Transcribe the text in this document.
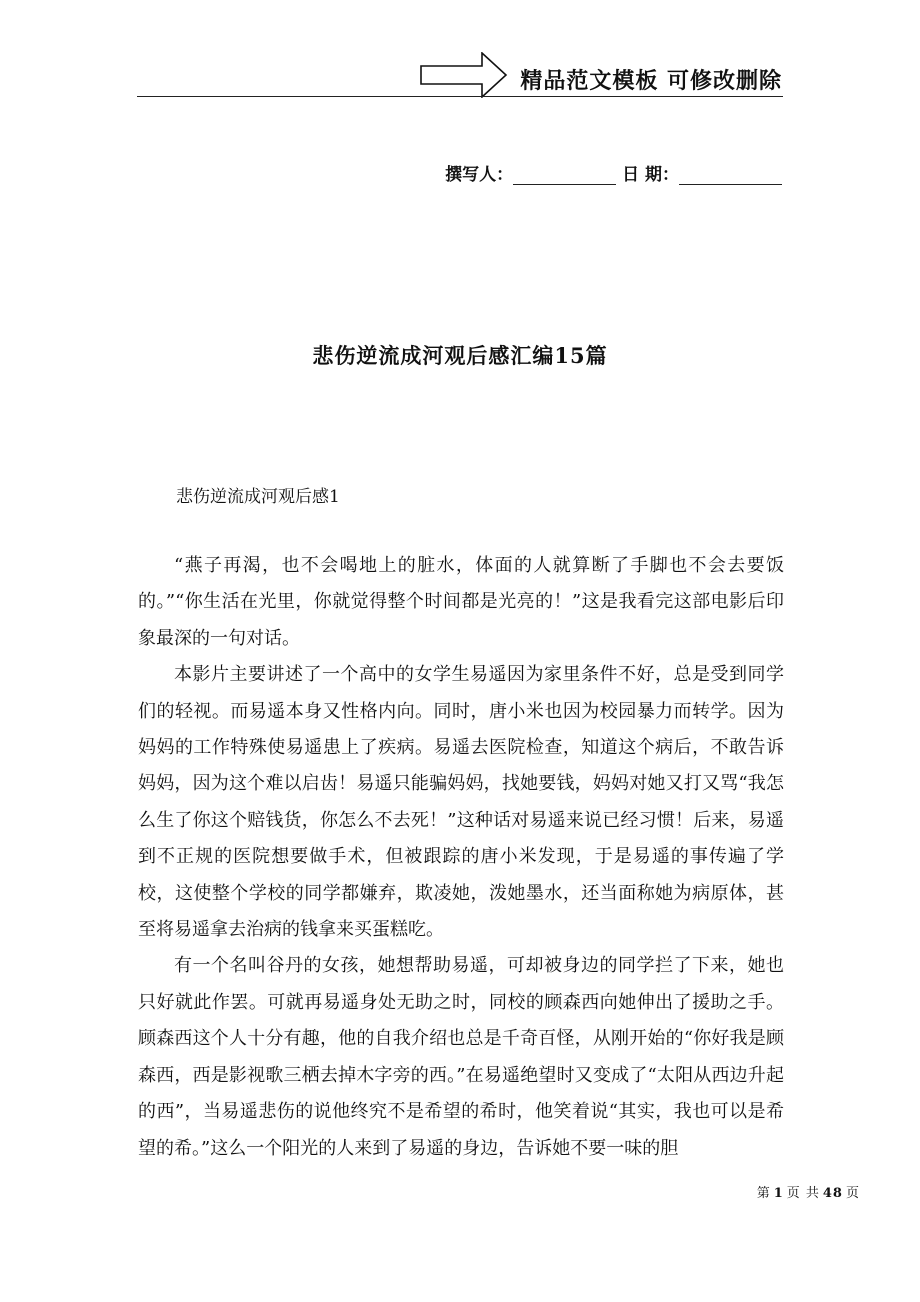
精品范文模板 可修改删除
撰写人：	日 期：
悲伤逆流成河观后感汇编15篇
悲伤逆流成河观后感1

“燕子再渴，也不会喝地上的脏水，体面的人就算断了手脚也不会去要饭的。”“你生活在光里，你就觉得整个时间都是光亮的！”这是我看完这部电影后印象最深的一句对话。

本影片主要讲述了一个高中的女学生易遥因为家里条件不好，总是受到同学们的轻视。而易遥本身又性格内向。同时，唐小米也因为校园暴力而转学。因为妈妈的工作特殊使易遥患上了疾病。易遥去医院检查，知道这个病后，不敢告诉妈妈，因为这个难以启齿！易遥只能骗妈妈，找她要钱，妈妈对她又打又骂“我怎么生了你这个赔钱货，你怎么不去死！”这种话对易遥来说已经习惯！后来，易遥到不正规的医院想要做手术，但被跟踪的唐小米发现，于是易遥的事传遍了学校，这使整个学校的同学都嫌弃，欺凌她，泼她墨水，还当面称她为病原体，甚至将易遥拿去治病的钱拿来买蛋糕吃。

有一个名叫谷丹的女孩，她想帮助易遥，可却被身边的同学拦了下来，她也只好就此作罢。可就再易遥身处无助之时，同校的顾森西向她伸出了援助之手。顾森西这个人十分有趣，他的自我介绍也总是千奇百怪，从刚开始的“你好我是顾森西，西是影视歌三栖去掉木字旁的西。”在易遥绝望时又变成了“太阳从西边升起的西”，当易遥悲伤的说他终究不是希望的希时，他笑着说“其实，我也可以是希望的希。”这么一个阳光的人来到了易遥的身边，告诉她不要一味的胆

第 1 页 共 48 页
